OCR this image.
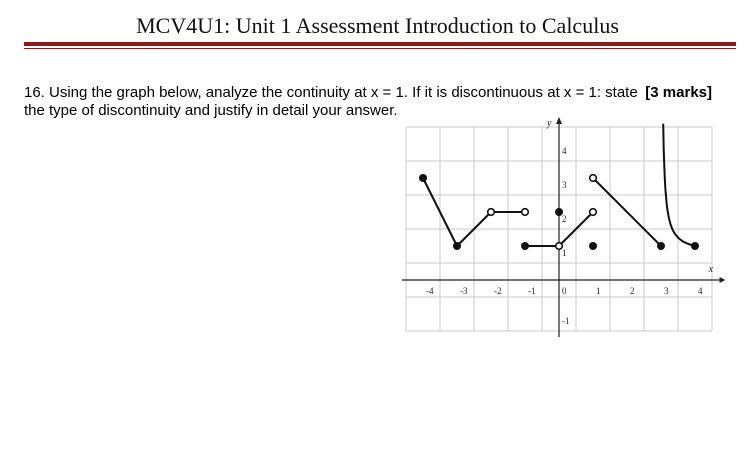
MCV4U1: Unit 1 Assessment Introduction to Calculus
[3 marks]
16. Using the graph below, analyze the continuity at x = 1. If it is discontinuous at x = 1: state the type of discontinuity and justify in detail your answer.
x
y
-4	-3	-2	-1	0	1	2	3	4
4
3
2
1
-1
